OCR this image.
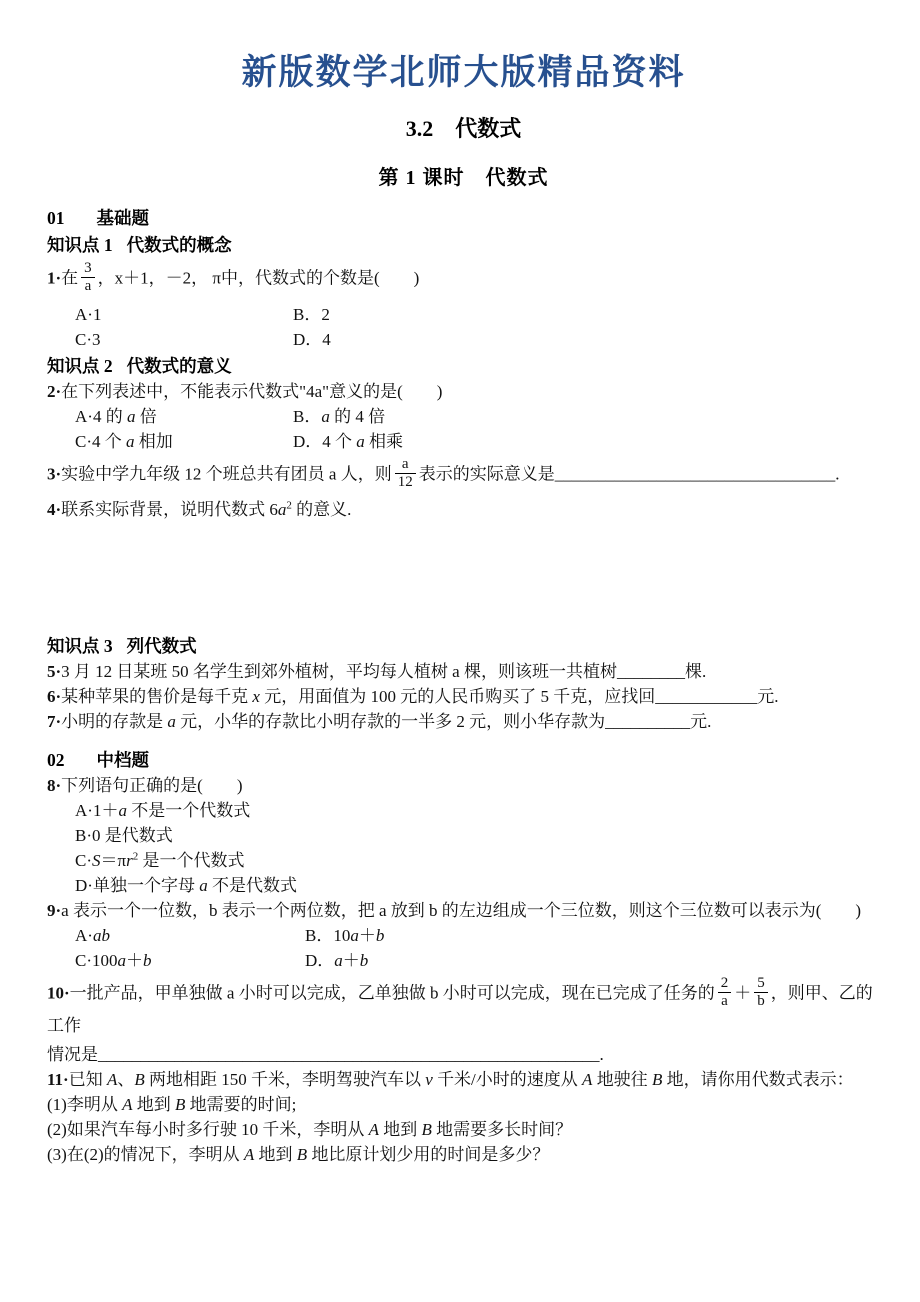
新版数学北师大版精品资料
3.2　代数式
第 1 课时　代数式
01 基础题
知识点 1 代数式的概念

1·在 $\frac{3}{a}$ ，x＋1，－2， π中，代数式的个数是(　　)

A·1	B．2
C·3	D．4
知识点 2 代数式的意义

2·在下列表述中，不能表示代数式"4a"意义的是(　　)

A·4 的 a 倍	B．a 的 4 倍
C·4 个 a 相加	D．4 个 a 相乘

3·实验中学九年级 12 个班总共有团员 a 人，则 $\frac{a}{12}$ 表示的实际意义是_________________________________.

4·联系实际背景，说明代数式 $6a^2$ 的意义.

知识点 3 列代数式

5·3 月 12 日某班 50 名学生到郊外植树，平均每人植树 a 棵，则该班一共植树________棵.

6·某种苹果的售价是每千克 x 元，用面值为 100 元的人民币购买了 5 千克，应找回____________元.

7·小明的存款是 a 元，小华的存款比小明存款的一半多 2 元，则小华存款为__________元.

02 中档题

8·下列语句正确的是(　　)

A·1＋a 不是一个代数式

B·0 是代数式

$C\cdot S=\pi r^2$ 是一个代数式

D·单独一个字母 a 不是代数式

9·a 表示一个一位数，b 表示一个两位数，把 a 放到 b 的左边组成一个三位数，则这个三位数可以表示为(　　)

A·ab	B．10a＋b
C·100a＋b	D．a＋b

10·一批产品，甲单独做 a 小时可以完成，乙单独做 b 小时可以完成，现在已完成了任务的 $\frac{2}{a} + \frac{5}{b}$ ，则甲、乙的工作

情况是___________________________________________________________.

11·已知 A、B 两地相距 150 千米，李明驾驶汽车以 v 千米/小时的速度从 A 地驶往 B 地，请你用代数式表示：

(1)李明从 A 地到 B 地需要的时间;

(2)如果汽车每小时多行驶 10 千米，李明从 A 地到 B 地需要多长时间？

(3)在(2)的情况下，李明从 A 地到 B 地比原计划少用的时间是多少？
